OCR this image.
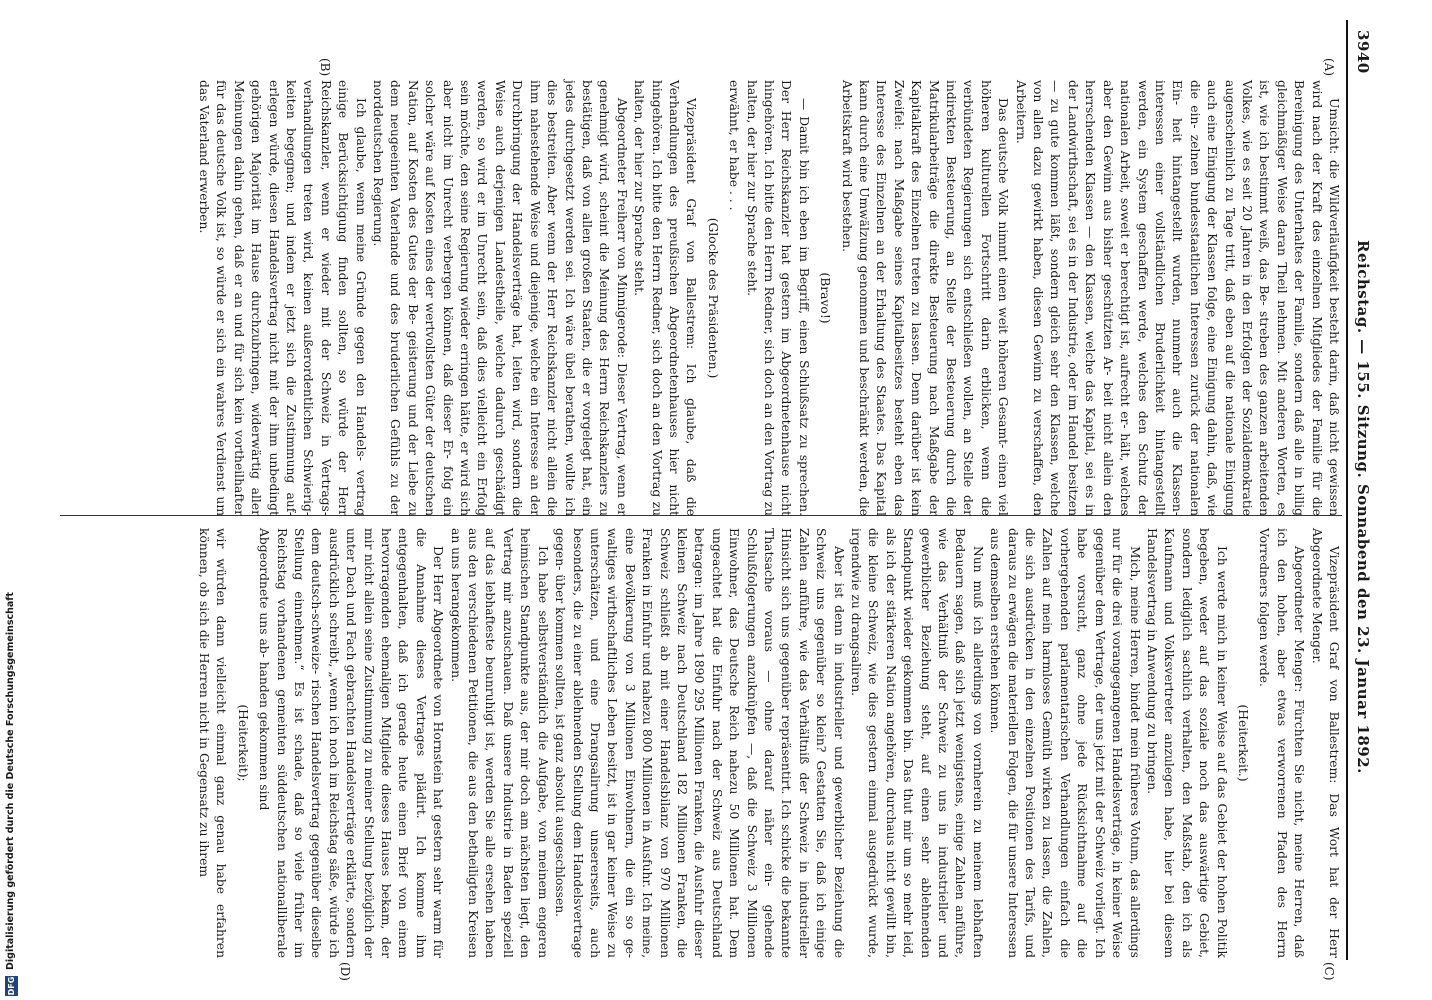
3940
Reichstag. — 155. Sitzung. Sonnabend den 23. Januar 1892.
(A)
(B)
(C)
(D)

Umsicht: die Wildverläufigkeit besteht darin, daß nicht gewissen wird nach der Kraft des einzelnen Mitgliedes der Familie für die Bereinigung des Unterhaltes der Familie, sondern daß alle in billig gleichmäßiger Weise daran Theil nehmen. Mit anderen Worten, es ist, wie ich bestimmt weiß, das Be- streben des ganzen arbeitenden Volkes, wie es seit 20 Jahren in den Erfolgen der Sozialdemokratie augenscheinlich zu Tage tritt, daß eben auf die nationale Einigung auch eine Einigung der Klassen folge, eine Einigung dahin, daß, wie die ein- zelnen bundesstaatlichen Interessen zurück der nationalen Ein- heit hintangestellt wurden, nunmehr auch die Klassen- interessen einer vollständlichen Bruderlichkeit hintangestellt werden, ein System geschaffen werde, welches den Schutz der nationalen Arbeit, soweit er berechtigt ist, aufrecht er- hält, welches aber den Gewinn aus bisher geschützten Ar- beit nicht allein den herrschenden Klassen — den Klassen, welche das Kapital, sei es in der Landwirthschaft, sei es in der Industrie, oder im Handel besitzen — zu gute kommen läßt, sondern gleich sehr den Klassen, welche von allen dazu gewirkt haben, diesen Gewinn zu verschaffen, den Arbeitern.

Das deutsche Volk nimmt einen weit höheren Gesamt- einen viel höheren kulturellen Fortschritt darin erblicken, wenn die verbündeten Regierungen sich entschließen wollen, an Stelle der indirekten Besteuerung, an Stelle der Besteuerung durch die Matrikularbeiträge die direkte Besteuerung nach Maßgabe der Kapitalkraft des Einzelnen treten zu lassen. Denn darüber ist kein Zweifel: nach Maßgabe seines Kapitalbesitzes besteht eben das Interesse des Einzelnen an der Erhaltung des Staates. Das Kapital kann durch eine Umwälzung genommen und beschränkt werden, die Arbeitskraft wird bestehen.

(Bravo!)

— Damit bin ich eben im Begriff, einen Schlußsatz zu sprechen. Der Herr Reichskanzler hat gestern im Abgeordnetenhause nicht hingehören. Ich bitte den Herrn Redner, sich doch an den Vortrag zu halten, der hier zur Sprache steht.

erwähnt, er habe . . .

(Glocke des Präsidenten.)

Vizepräsident Graf von Ballestrem: Ich glaube, daß die Verhandlungen des preußischen Abgeordnetenhauses hier nicht hingehören. Ich bitte den Herrn Redner, sich doch an den Vortrag zu halten, der hier zur Sprache steht.

Abgeordneter Freiherr von Minnigerode: Dieser Vertrag, wenn er genehmigt wird, scheint die Meinung des Herrn Reichskanzlers zu bestätigen, daß von allen großen Staaten, die er vorgelegt hat, ein jedes durchgesetzt werden sei. Ich wäre übel berathen, wollte ich dies bestreiten. Aber wenn der Herr Reichskanzler nicht allein die ihm nahestehende Weise und diejenige, welche ein Interesse an der Durchbringung der Handelsverträge hat, leiten wird, sondern die Weise auch derjenigen Landestheile, welche dadurch geschädigt werden, so wird er im Unrecht sein, daß dies vielleicht ein Erfolg sein möchte, den seine Regierung wieder erringen hätte, er wird sich aber nicht im Unrecht verbergen können, daß dieser Er- folg ein solcher wäre auf Kosten eines der wertvollsten Güter der deutschen Nation, auf Kosten des Gutes der Be- geisterung und der Liebe zu dem neugeeinten Vaterlande und des bruderlichen Gefühls zu der norddeutschen Regierung.

Ich glaube, wenn meine Gründe gegen den Handels- vertrag einige Berücksichtigung finden sollten, so würde der Herr Reichskanzler, wenn er wieder mit der Schweiz in Vertrags- verhandlungen treten wird, keinen außerordentlichen Schwierig- keiten begegnen; und indem er jetzt sich die Zustimmung auf- erlegen würde, diesen Handelsvertrag nicht mit der ihm unbedingt gehörigen Majorität im Hause durchzubringen, widerwärtig aller Meinungen dahin gehen, daß er an und für sich kein vortheilhafter für das deutsche Volk ist, so würde er sich ein wahres Verdienst um das Vaterland erwerben.

Vizepräsident Graf von Ballestrem: Das Wort hat der Herr Abgeordnete Menger.

Abgeordneter Menger: Fürchten Sie nicht, meine Herren, daß ich den hohen, aber etwas verworrenen Pfaden des Herrn Vorredners folgen werde.

(Heiterkeit.)

Ich werde mich in keiner Weise auf das Gebiet der hohen Politik begeben, weder auf das soziale noch das auswärtige Gebiet, sondern lediglich sachlich verhalten, den Maßstab, den ich als Kaufmann und Volksvertreter anzulegen habe, hier bei diesem Handelsvertrag in Anwendung zu bringen.

Mich, meine Herren, bindet mein früheres Votum, das allerdings nur für die drei vorangegangenen Handelsverträge, in keiner Weise gegenüber dem Vertrage, der uns jetzt mit der Schweiz vorliegt. Ich habe vorsucht, ganz ohne jede Rücksichtnahme auf die vorhergehenden parlamentarischen Verhandlungen einfach die Zahlen auf mein harmloses Gemüth wirken zu lassen, die Zahlen, die sich ausdrücken in den einzelnen Positionen des Tarifs, und daraus zu erwägen die materiellen Folgen, die für unsere Interessen aus demselben erstehen können.

Nun muß ich allerdings von vornherein zu meinem lebhaften Bedauern sagen, daß sich jetzt wenigstens, einige Zahlen anführe, wie das Verhältniß der Schweiz zu uns in industrieller und gewerblicher Beziehung steht, auf einen sehr ablehnenden Standpunkt wieder gekommen bin. Das thut mir um so mehr leid, als ich der stärkeren Nation angehören, durchaus nicht gewillt bin, die kleine Schweiz, wie dies gestern einmal ausgedrückt wurde, irgendwie zu drangsaliren.

Aber ist denn in industrieller und gewerblicher Beziehung die Schweiz uns gegenüber so klein? Gestatten Sie, daß ich einige Zahlen anführe, wie das Verhältniß der Schweiz in industrieller Hinsicht sich uns gegenüber repräsentirt. Ich schicke die bekannte Thatsache voraus — ohne darauf näher ein- gehende Schlußfolgerungen anzuknüpfen —, daß die Schweiz 3 Millionen Einwohner, das Deutsche Reich nahezu 50 Millionen hat. Dem ungeachtet hat die Einfuhr nach der Schweiz aus Deutschland betragen: im Jahre 1890 295 Millionen Franken, die Ausfuhr dieser kleinen Schweiz nach Deutschland 182 Millionen Franken, die Schweiz schließt ab mit einer Handelsbilanz von 970 Millionen Franken in Einfuhr und nahezu 800 Millionen in Ausfuhr. Ich meine, eine Bevölkerung von 3 Millionen Einwohnern, die ein so ge- waltiges wirthschaftliches Leben besitzt, ist in gar keiner Weise zu unterschätzen, und eine Drangsalirung unsererseits, auch besonders, die zu einer ablehnenden Stellung dem Handelsvertrage gegen- über kommen sollten, ist ganz absolut ausgeschlossen.

Ich habe selbstverständlich die Aufgabe, von meinem engeren heimischen Standpunkte aus, der mir doch am nächsten liegt, den Vertrag mir anzuschauen. Daß unsere Industrie in Baden speziell auf das lebhafteste beunruhigt ist, werden Sie alle ersehen haben aus den verschiedenen Petitionen, die aus den betheiligten Kreisen an uns herangekommen.

Der Herr Abgeordnete von Hornstein hat gestern sehr warm für die Annahme dieses Vertrages plädirt. Ich komme ihm entgegenhalten, daß ich gerade heute einen Brief von einem hervorragenden ehemaligen Mitgliede dieses Hauses bekam, der mir nicht allein seine Zustimmung zu meiner Stellung bezüglich der unter Dach und Fach gebrachten Handelsverträge erklärte, sondern ausdrücklich schreibt, „wenn ich noch im Reichstag säße, würde ich dem deutsch-schweize- rischen Handelsvertrag gegenüber dieselbe Stellung einnehmen.“ Es ist schade, daß so viele früher im Reichstag vorhandenen gemeinten süddeutschen nationalliberale Abgeordnete uns ab- handen gekommen sind

(Heiterkeit);

wir würden dann vielleicht einmal ganz genau habe erfahren können, ob sich die Herren nicht in Gegensatz zu ihrem

Digitalisierung gefördert durch die Deutsche Forschungsgemeinschaft
DFG
